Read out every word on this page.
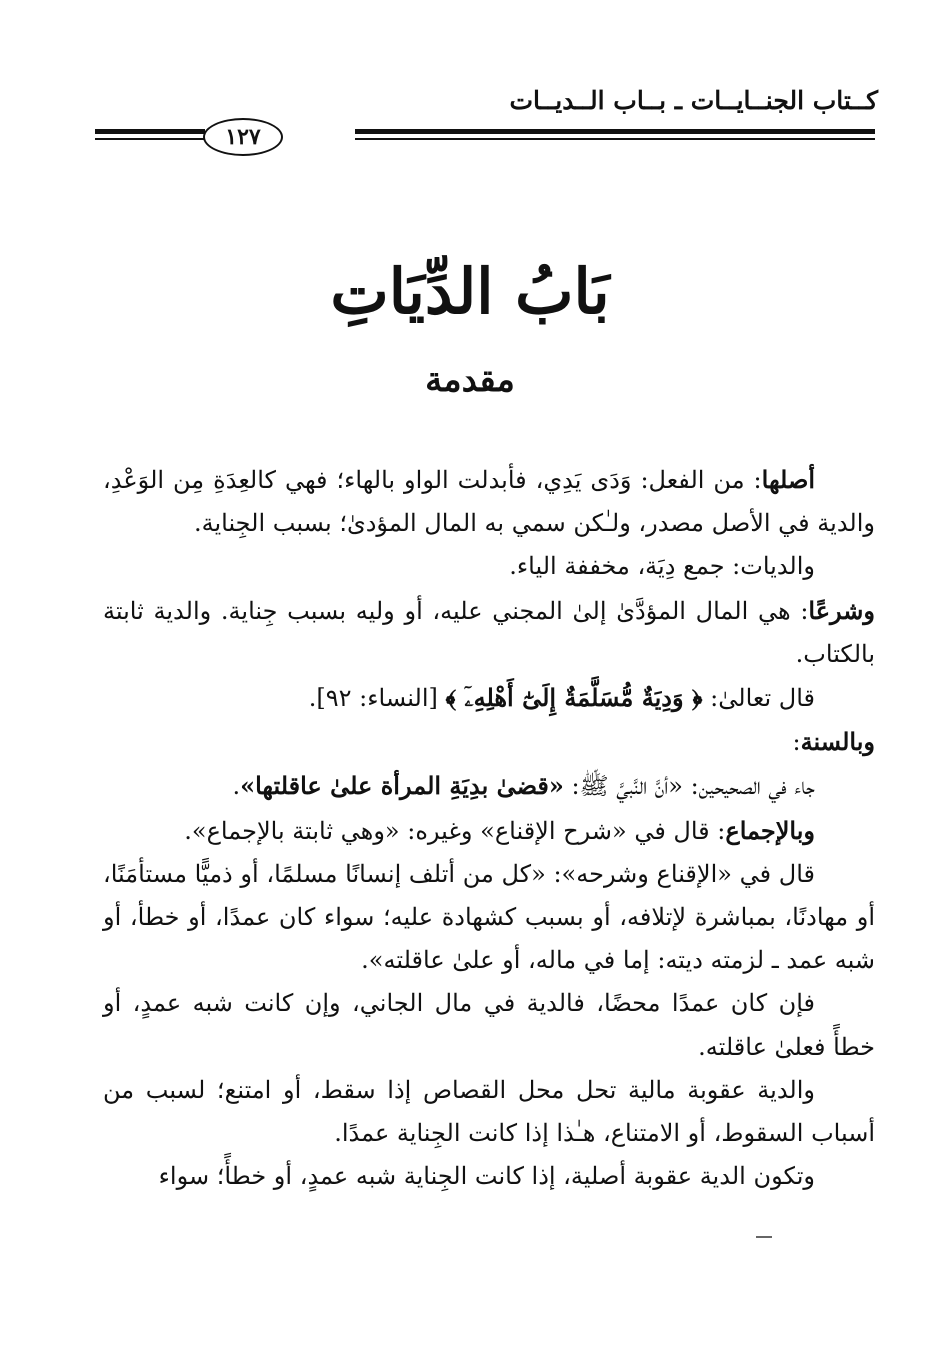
كــتاب الجنــايــات ـ بــاب الــديــات
١٢٧
بَابُ الدِّيَاتِ
مقدمة

أصلها: من الفعل: وَدَى يَدِي، فأبدلت الواو بالهاء؛ فهي كالعِدَةِ مِن الوَعْدِ، والدية في الأصل مصدر، ولـٰكن سمي به المال المؤدىٰ؛ بسبب الجِناية.

والديات: جمع دِيَة، مخففة الياء.

وشرعًا: هي المال المؤدَّىٰ إلىٰ المجني عليه، أو وليه بسبب جِناية. والدية ثابتة بالكتاب.

قال تعالىٰ: ﴿ وَدِيَةٌ مُّسَلَّمَةٌ إِلَىٰٓ أَهْلِهِۦٓ ﴾ [النساء: ٩٢].

وبالسنة:

جاء في الصحيحين: «أنَّ النَّبيَّ ﷺ: «قضىٰ بدِيَةِ المرأة علىٰ عاقلتها».

وبالإجماع: قال في «شرح الإقناع» وغيره: «وهي ثابتة بالإجماع».

قال في «الإقناع وشرحه»: «كل من أتلف إنسانًا مسلمًا، أو ذميًّا مستأمَنًا، أو مهادنًا، بمباشرة لإتلافه، أو بسبب كشهادة عليه؛ سواء كان عمدًا، أو خطأ، أو شبه عمد ـ لزمته ديته: إما في ماله، أو علىٰ عاقلته».

فإن كان عمدًا محضًا، فالدية في مال الجاني، وإن كانت شبه عمدٍ، أو خطأً فعلىٰ عاقلته.

والدية عقوبة مالية تحل محل القصاص إذا سقط، أو امتنع؛ لسبب من أسباب السقوط، أو الامتناع، هـٰذا إذا كانت الجِناية عمدًا.

وتكون الدية عقوبة أصلية، إذا كانت الجِناية شبه عمدٍ، أو خطأً؛ سواء
